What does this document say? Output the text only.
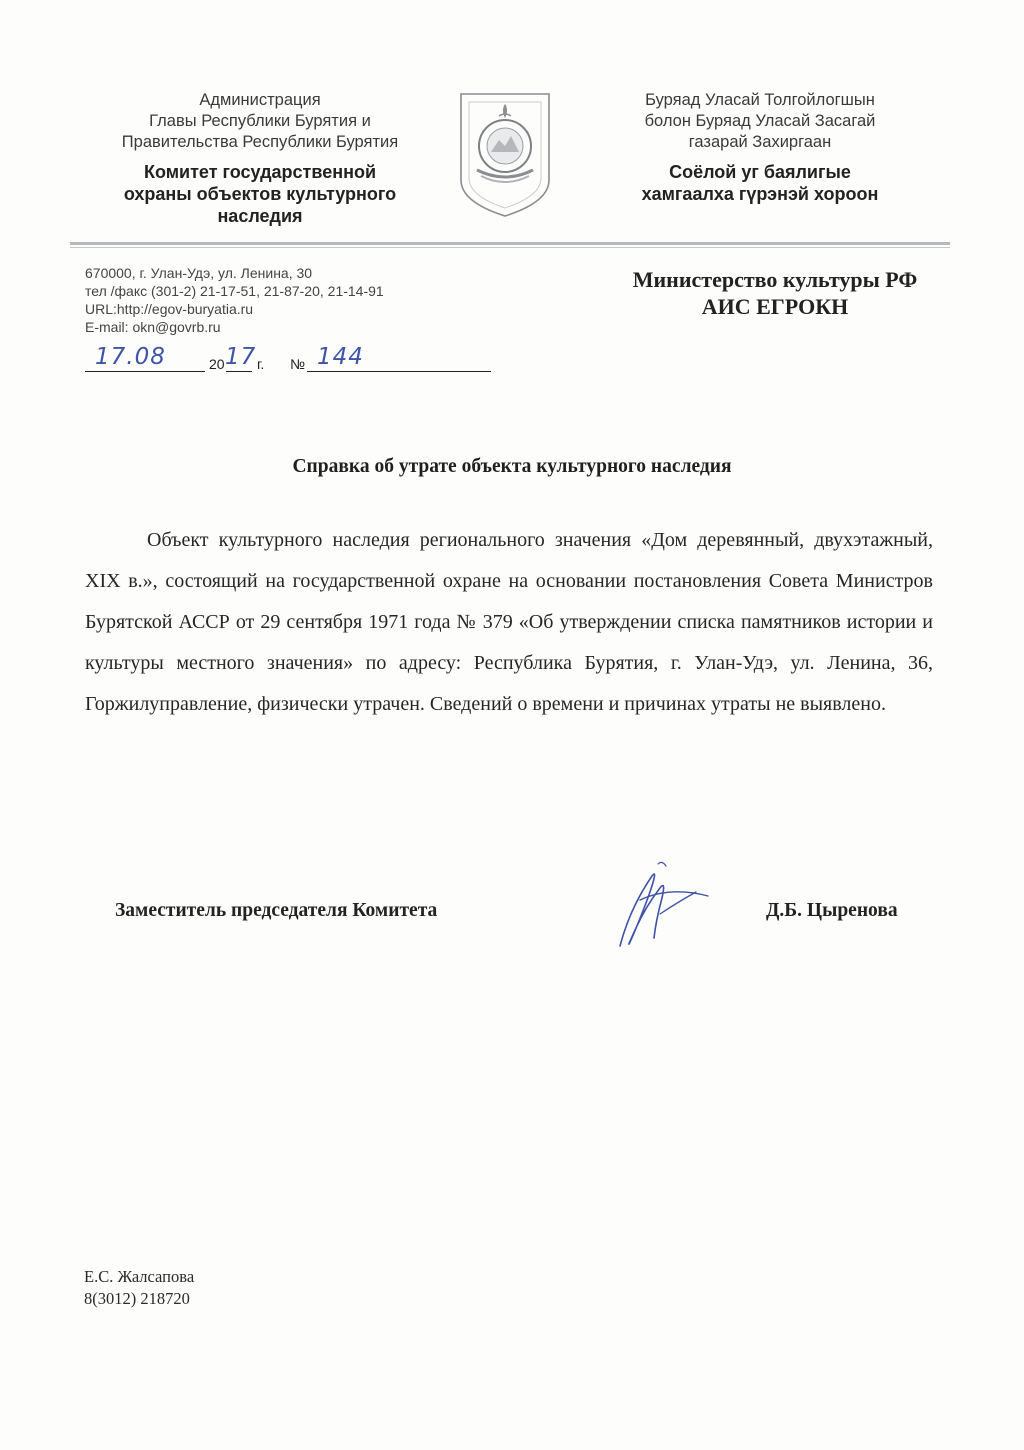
Администрация
Главы Республики Бурятия и
Правительства Республики Бурятия
Комитет государственной
охраны объектов культурного
наследия
Буряад Уласай Толгойлогшын
болон Буряад Уласай Засагай
газарай Захиргаан
Соёлой уг баялигые
хамгаалха гүрэнэй хороон
670000, г. Улан-Удэ, ул. Ленина, 30
тел /факс (301-2) 21-17-51, 21-87-20, 21-14-91
URL:http://egov-buryatia.ru
E-mail: okn@govrb.ru
Министерство культуры РФ
АИС ЕГРОКН
17.08	20 17 г. № 144
Справка об утрате объекта культурного наследия
Объект культурного наследия регионального значения «Дом деревянный, двухэтажный, XIX в.», состоящий на государственной охране на основании постановления Совета Министров Бурятской АССР от 29 сентября 1971 года № 379 «Об утверждении списка памятников истории и культуры местного значения» по адресу: Республика Бурятия, г. Улан-Удэ, ул. Ленина, 36, Горжилуправление, физически утрачен. Сведений о времени и причинах утраты не выявлено.
Заместитель председателя Комитета	Д.Б. Цыренова
Е.С. Жалсапова
8(3012) 218720
